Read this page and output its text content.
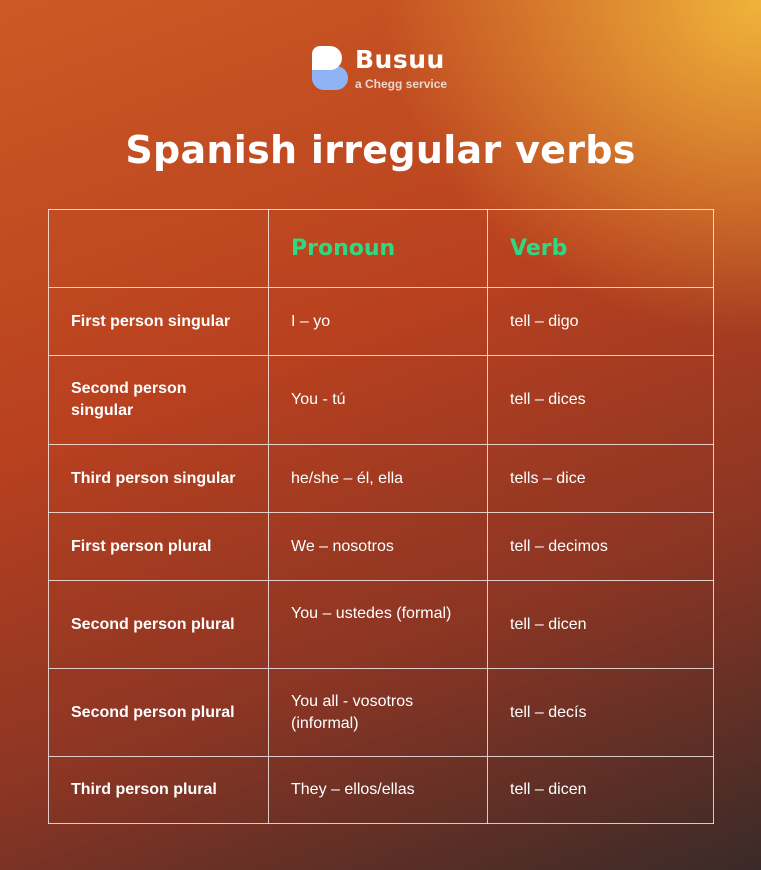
Busuu
a Chegg service
Spanish irregular verbs
	Pronoun	Verb
First person singular	I – yo	tell – digo
Second person singular	You - tú	tell – dices
Third person singular	he/she – él, ella	tells – dice
First person plural	We – nosotros	tell – decimos
Second person plural	You – ustedes (formal)	tell – dicen
Second person plural	You all - vosotros (informal)	tell – decís
Third person plural	They – ellos/ellas	tell – dicen
